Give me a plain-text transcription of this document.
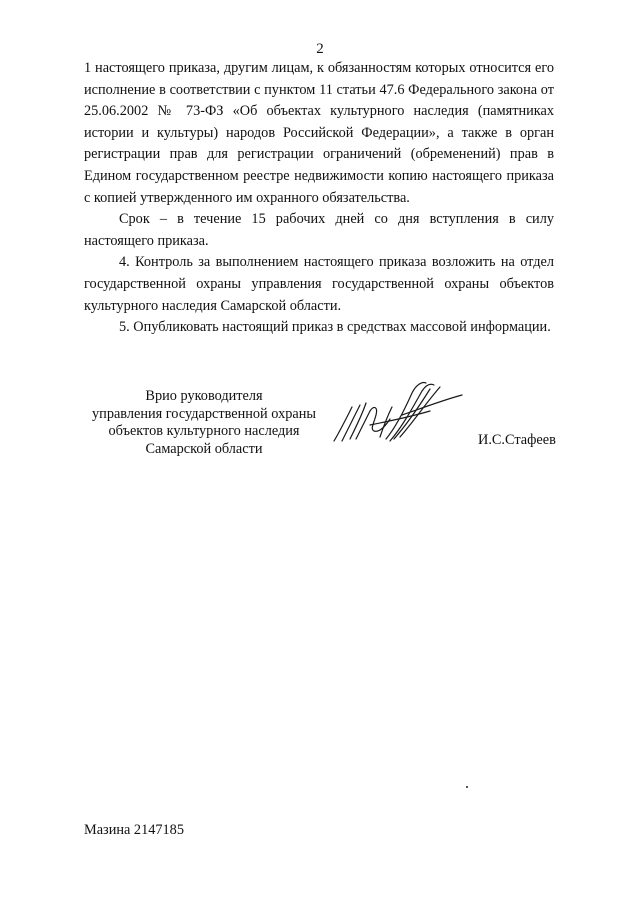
2

1 настоящего приказа, другим лицам, к обязанностям которых относится его исполнение в соответствии с пунктом 11 статьи 47.6 Федерального закона от 25.06.2002 № 73-ФЗ «Об объектах культурного наследия (памятниках истории и культуры) народов Российской Федерации», а также в орган регистрации прав для регистрации ограничений (обременений) прав в Едином государственном реестре недвижимости копию настоящего приказа с копией утвержденного им охранного обязательства.

Срок – в течение 15 рабочих дней со дня вступления в силу настоящего приказа.

4. Контроль за выполнением настоящего приказа возложить на отдел государственной охраны управления государственной охраны объектов культурного наследия Самарской области.

5. Опубликовать настоящий приказ в средствах массовой информации.

Врио руководителя
управления государственной охраны
объектов культурного наследия
Самарской области
И.С.Стафеев
Мазина 2147185
